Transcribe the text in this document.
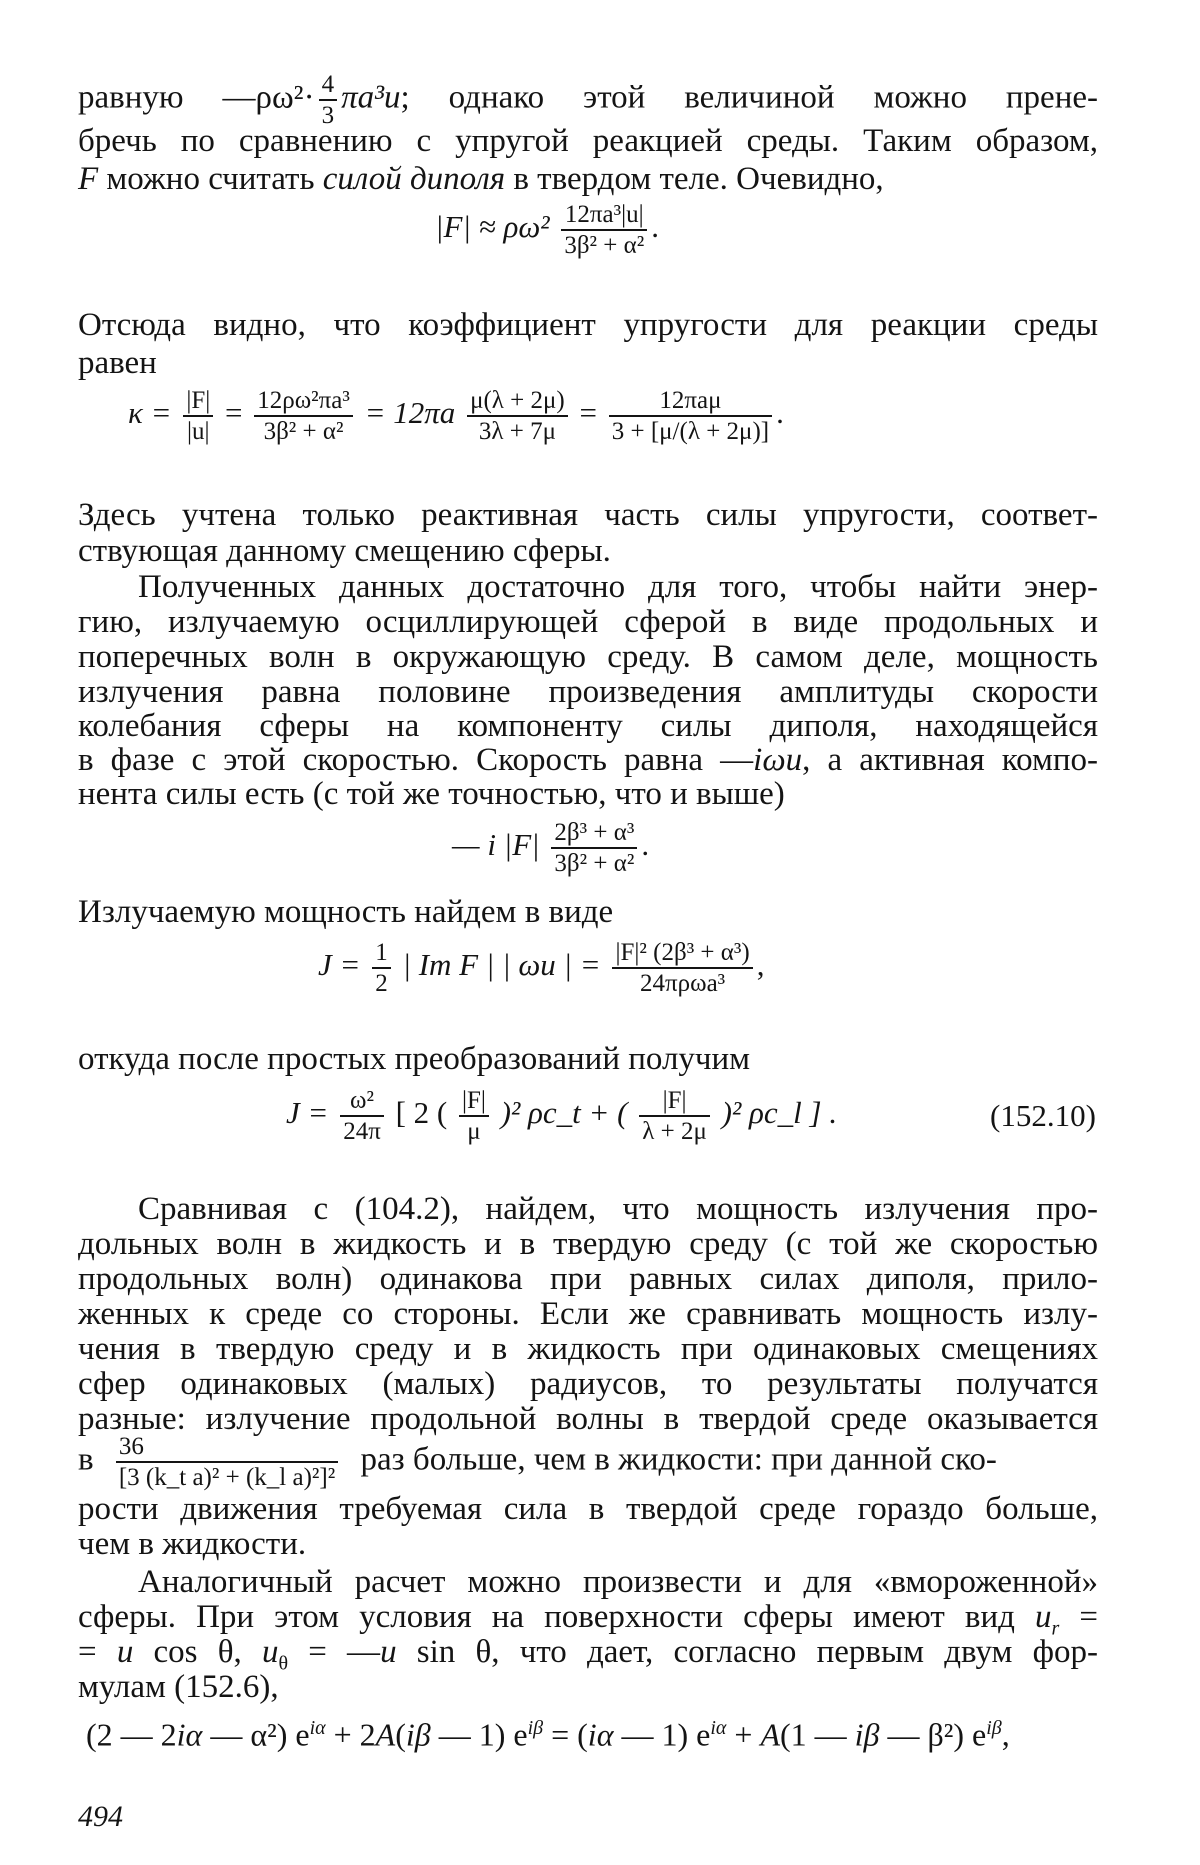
равную —ρω²· $\frac{4}{3} \pi a^3u$; однако этой величиной можно прене-
бречь по сравнению с упругой реакцией среды. Таким образом,
F можно считать силой диполя в твердом теле. Очевидно,
$|F| \approx \rho\omega^2 \frac{\text{12πa³|u|}}{\text{3β² + α²}}$ .
Отсюда видно, что коэффициент упругости для реакции среды
равен
$\kappa = \frac{|F|}{|u|} = \frac{\text{12ρω²πa³}}{\text{3β² + α²}} = 12\pi a \frac{\mu(\lambda + 2\mu)}{3\lambda + 7\mu} = \frac{\text{12πaμ}}{3 + [\mu/(\lambda + 2\mu)]}$ .
Здесь учтена только реактивная часть силы упругости, соответ-
ствующая данному смещению сферы.
Полученных данных достаточно для того, чтобы найти энер-
гию, излучаемую осциллирующей сферой в виде продольных и
поперечных волн в окружающую среду. В самом деле, мощность
излучения равна половине произведения амплитуды скорости
колебания сферы на компоненту силы диполя, находящейся
в фазе с этой скоростью. Скорость равна —iωu, а активная компо-
нента силы есть (с той же точностью, что и выше)
— i $|F| \frac{\text{2β³ + α³}}{\text{3β² + α²}}$ .
Излучаемую мощность найдем в виде
$J = \frac{1}{2}$ | Im F | | ωu | = $\frac{\text{|F|² (2β³ + α³)}}{\text{24πρωa³}}$ ,
откуда после простых преобразований получим
$J = \frac{\text{ω²}}{24\pi}$ [ 2 ( $\frac{|F|}{\mu} )^2$ ρc_t + ( $\frac{|F|}{\lambda + 2\mu} )^2$ ρc_l ] .	(152.10)
Сравнивая с (104.2), найдем, что мощность излучения про-
дольных волн в жидкость и в твердую среду (с той же скоростью
продольных волн) одинакова при равных силах диполя, прило-
женных к среде со стороны. Если же сравнивать мощность излу-
чения в твердую среду и в жидкость при одинаковых смещениях
сфер одинаковых (малых) радиусов, то результаты получатся
разные: излучение продольной волны в твердой среде оказывается
в $\frac{36}{\text{[3 (k\_t a)² + (k\_l a)²]²}}$ раз больше, чем в жидкости: при данной ско-
рости движения требуемая сила в твердой среде гораздо больше,
чем в жидкости.
Аналогичный расчет можно произвести и для «вмороженной»
сферы. При этом условия на поверхности сферы имеют вид $u_r$ =
= u cos θ, $u_\theta$ = —u sin θ, что дает, согласно первым двум фор-
мулам (152.6),
(2 — 2iα — α²) $e^{i\alpha} + 2A(i\beta$ — 1) $e^{i\beta} = (i\alpha$ — 1) $e^{i\alpha} + A(1$ — iβ — β²) $e^{i\beta}$,
494
